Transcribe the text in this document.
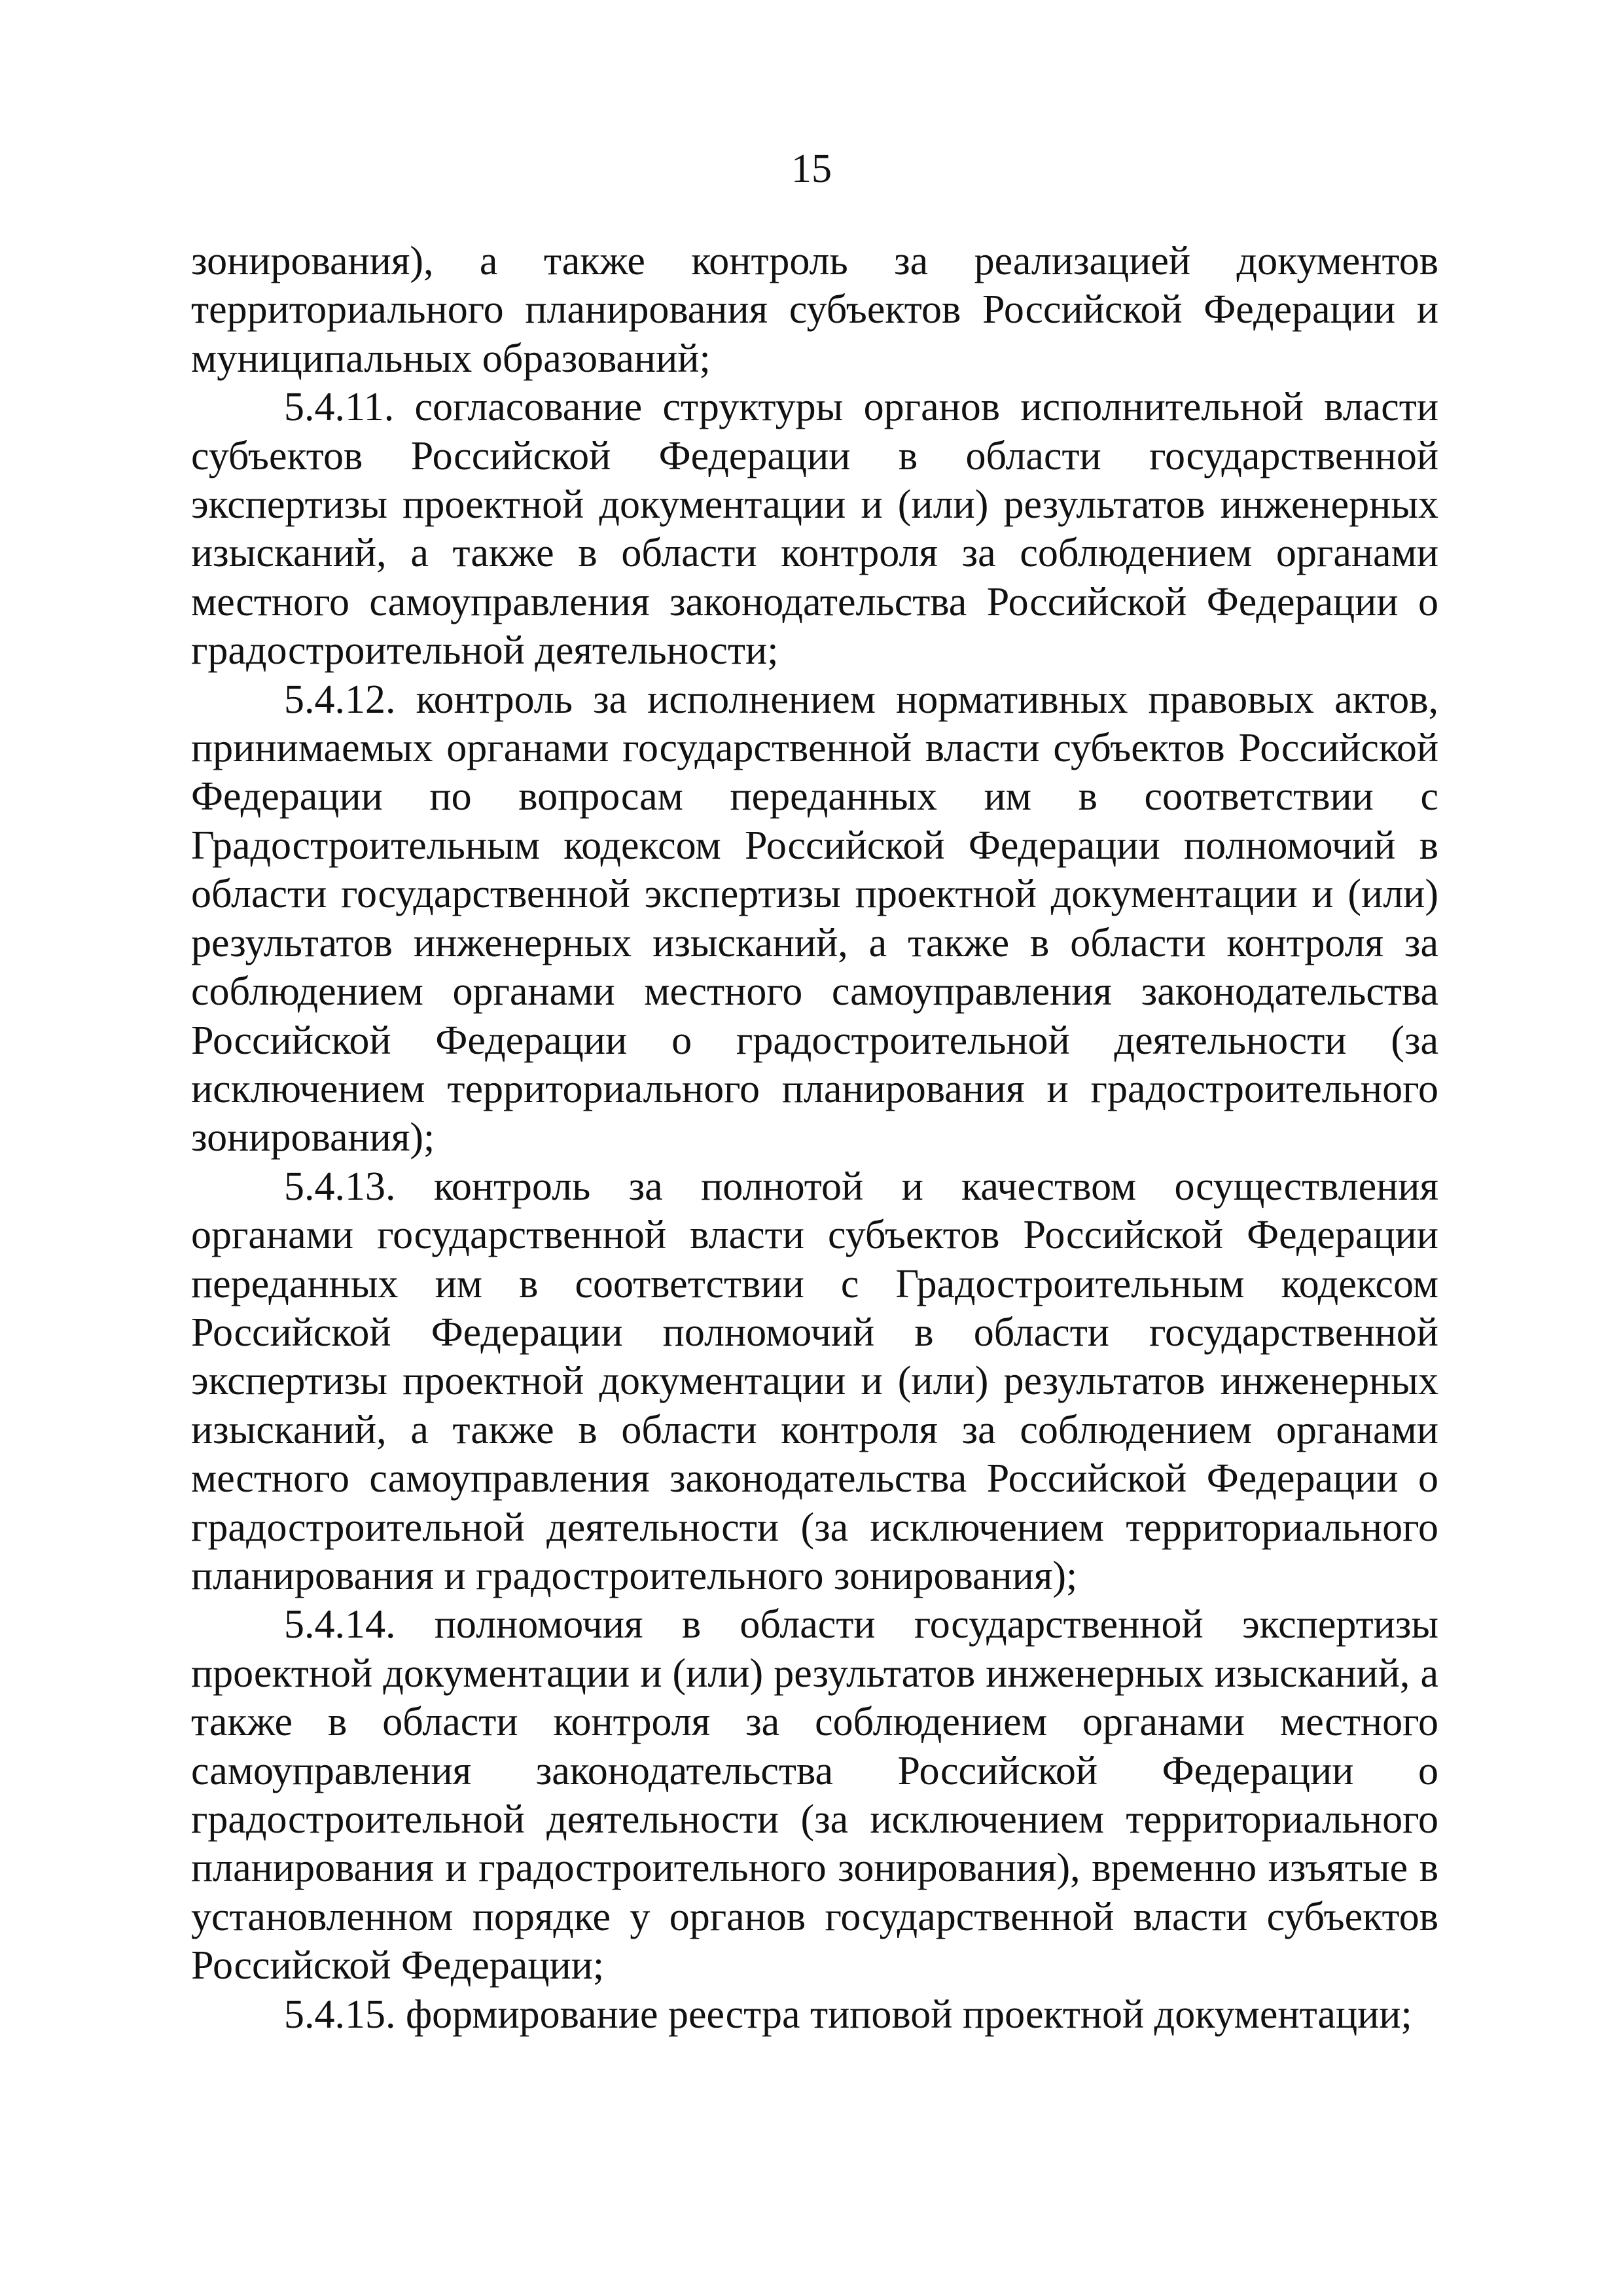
15

зонирования), а также контроль за реализацией документов территориального планирования субъектов Российской Федерации и муниципальных образований;

5.4.11. согласование структуры органов исполнительной власти субъектов Российской Федерации в области государственной экспертизы проектной документации и (или) результатов инженерных изысканий, а также в области контроля за соблюдением органами местного самоуправления законодательства Российской Федерации о градостроительной деятельности;

5.4.12. контроль за исполнением нормативных правовых актов, принимаемых органами государственной власти субъектов Российской Федерации по вопросам переданных им в соответствии с Градостроительным кодексом Российской Федерации полномочий в области государственной экспертизы проектной документации и (или) результатов инженерных изысканий, а также в области контроля за соблюдением органами местного самоуправления законодательства Российской Федерации о градостроительной деятельности (за исключением территориального планирования и градостроительного зонирования);

5.4.13. контроль за полнотой и качеством осуществления органами государственной власти субъектов Российской Федерации переданных им в соответствии с Градостроительным кодексом Российской Федерации полномочий в области государственной экспертизы проектной документации и (или) результатов инженерных изысканий, а также в области контроля за соблюдением органами местного самоуправления законодательства Российской Федерации о градостроительной деятельности (за исключением территориального планирования и градостроительного зонирования);

5.4.14. полномочия в области государственной экспертизы проектной документации и (или) результатов инженерных изысканий, а также в области контроля за соблюдением органами местного самоуправления законодательства Российской Федерации о градостроительной деятельности (за исключением территориального планирования и градостроительного зонирования), временно изъятые в установленном порядке у органов государственной власти субъектов Российской Федерации;

5.4.15. формирование реестра типовой проектной документации;
